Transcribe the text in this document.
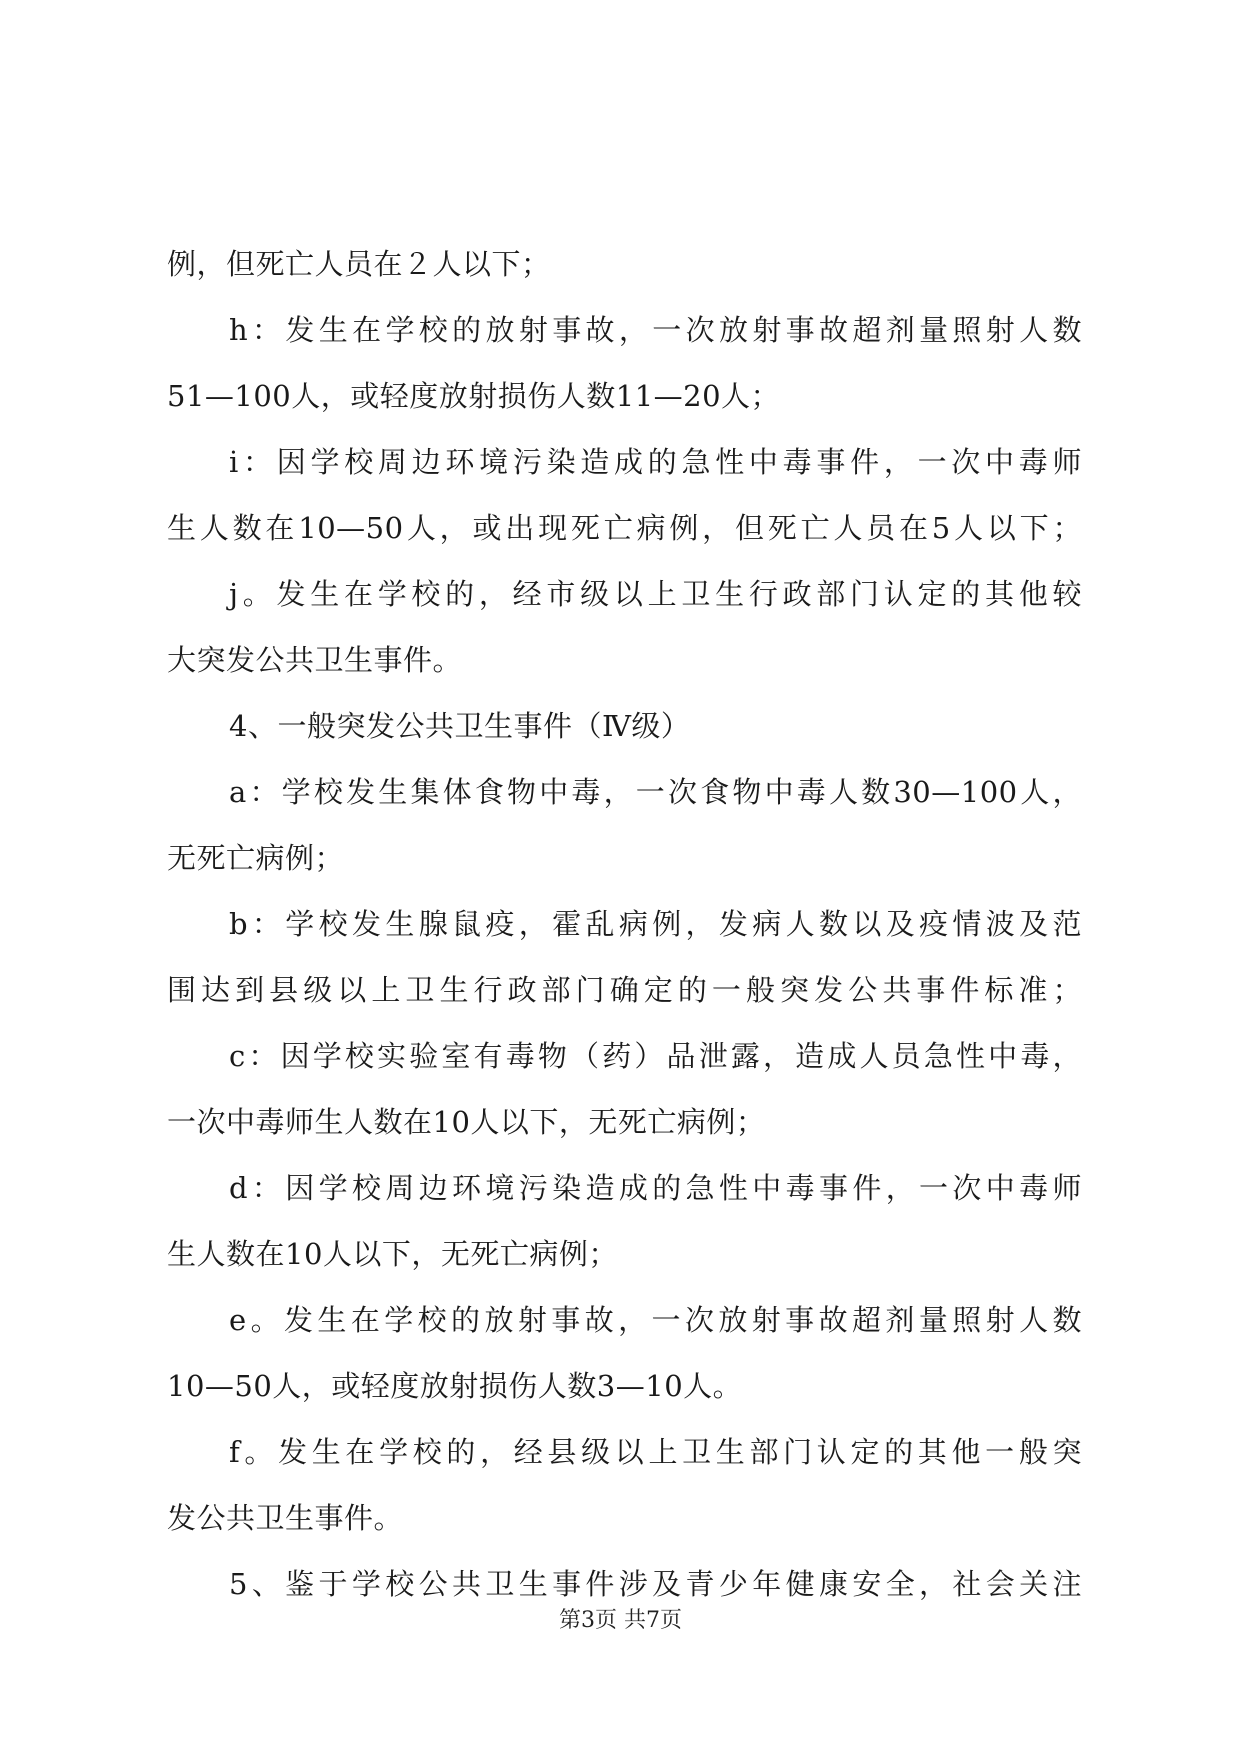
例，但死亡人员在２人以下；
h：发生在学校的放射事故，一次放射事故超剂量照射人数
51—100人，或轻度放射损伤人数11—20人；
i：因学校周边环境污染造成的急性中毒事件，一次中毒师
生人数在10—50人，或出现死亡病例，但死亡人员在5人以下；
j。发生在学校的，经市级以上卫生行政部门认定的其他较
大突发公共卫生事件。
4、一般突发公共卫生事件（Ⅳ级）
a：学校发生集体食物中毒，一次食物中毒人数30—100人，
无死亡病例；
b：学校发生腺鼠疫，霍乱病例，发病人数以及疫情波及范
围达到县级以上卫生行政部门确定的一般突发公共事件标准；
c：因学校实验室有毒物（药）品泄露，造成人员急性中毒，
一次中毒师生人数在10人以下，无死亡病例；
d：因学校周边环境污染造成的急性中毒事件，一次中毒师
生人数在10人以下，无死亡病例；
e。发生在学校的放射事故，一次放射事故超剂量照射人数
10—50人，或轻度放射损伤人数3—10人。
f。发生在学校的，经县级以上卫生部门认定的其他一般突
发公共卫生事件。
5、鉴于学校公共卫生事件涉及青少年健康安全，社会关注
第3页 共7页
